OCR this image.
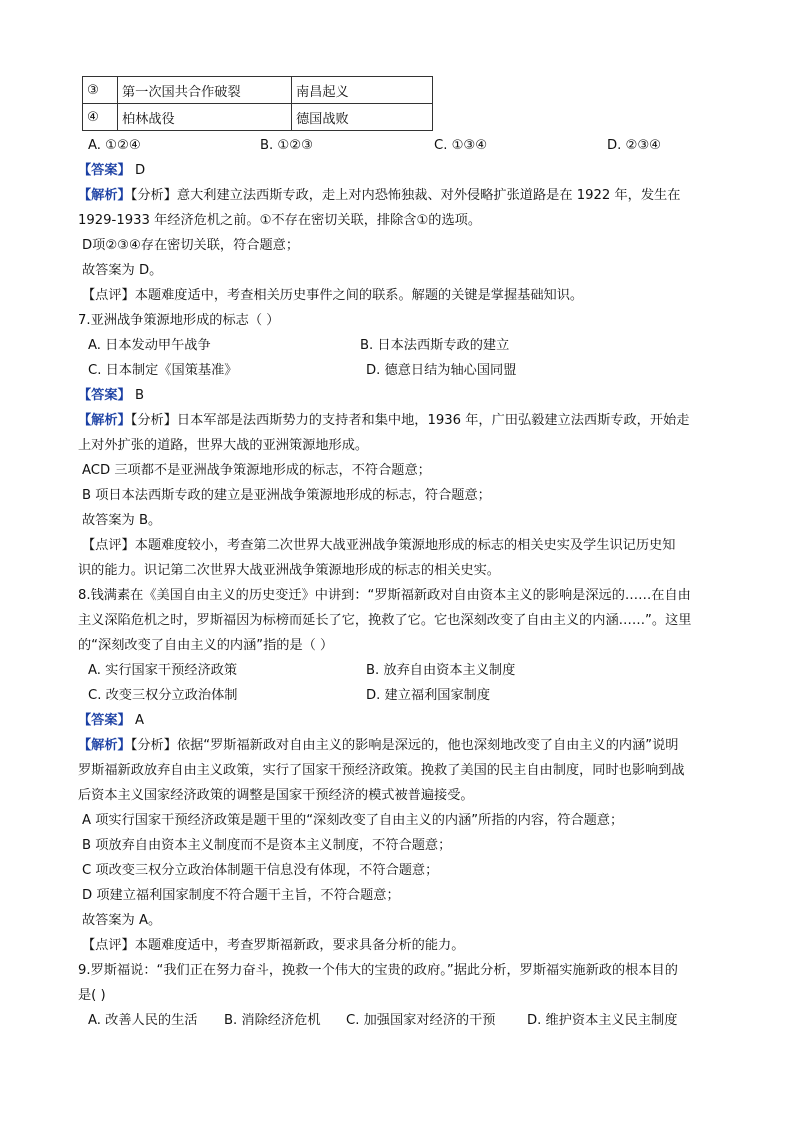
③	第一次国共合作破裂	南昌起义
④	柏林战役	德国战败
A. ①②④	B. ①②③	C. ①③④	D. ②③④
【答案】 D
【解析】【分析】意大利建立法西斯专政，走上对内恐怖独裁、对外侵略扩张道路是在 1922 年，发生在
1929-1933 年经济危机之前。①不存在密切关联，排除含①的选项。
D项②③④存在密切关联，符合题意；
故答案为 D。
【点评】本题难度适中，考查相关历史事件之间的联系。解题的关键是掌握基础知识。
7.亚洲战争策源地形成的标志（ ）
A. 日本发动甲午战争	B. 日本法西斯专政的建立
C. 日本制定《国策基准》	D. 德意日结为轴心国同盟
【答案】 B
【解析】【分析】日本军部是法西斯势力的支持者和集中地，1936 年，广田弘毅建立法西斯专政，开始走
上对外扩张的道路，世界大战的亚洲策源地形成。
ACD 三项都不是亚洲战争策源地形成的标志，不符合题意；
B 项日本法西斯专政的建立是亚洲战争策源地形成的标志，符合题意；
故答案为 B。
【点评】本题难度较小，考查第二次世界大战亚洲战争策源地形成的标志的相关史实及学生识记历史知
识的能力。识记第二次世界大战亚洲战争策源地形成的标志的相关史实。
8.钱满素在《美国自由主义的历史变迁》中讲到：“罗斯福新政对自由资本主义的影响是深远的……在自由
主义深陷危机之时，罗斯福因为标榜而延长了它，挽救了它。它也深刻改变了自由主义的内涵……”。这里
的“深刻改变了自由主义的内涵”指的是（ ）
A. 实行国家干预经济政策	B. 放弃自由资本主义制度
C. 改变三权分立政治体制	D. 建立福利国家制度
【答案】 A
【解析】【分析】依据“罗斯福新政对自由主义的影响是深远的，他也深刻地改变了自由主义的内涵”说明
罗斯福新政放弃自由主义政策，实行了国家干预经济政策。挽救了美国的民主自由制度，同时也影响到战
后资本主义国家经济政策的调整是国家干预经济的模式被普遍接受。
A 项实行国家干预经济政策是题干里的“深刻改变了自由主义的内涵”所指的内容，符合题意；
B 项放弃自由资本主义制度而不是资本主义制度，不符合题意；
C 项改变三权分立政治体制题干信息没有体现，不符合题意；
D 项建立福利国家制度不符合题干主旨，不符合题意；
故答案为 A。
【点评】本题难度适中，考查罗斯福新政，要求具备分析的能力。
9.罗斯福说：“我们正在努力奋斗，挽救一个伟大的宝贵的政府。”据此分析，罗斯福实施新政的根本目的
是( )
A. 改善人民的生活 B. 消除经济危机 C. 加强国家对经济的干预 D. 维护资本主义民主制度
